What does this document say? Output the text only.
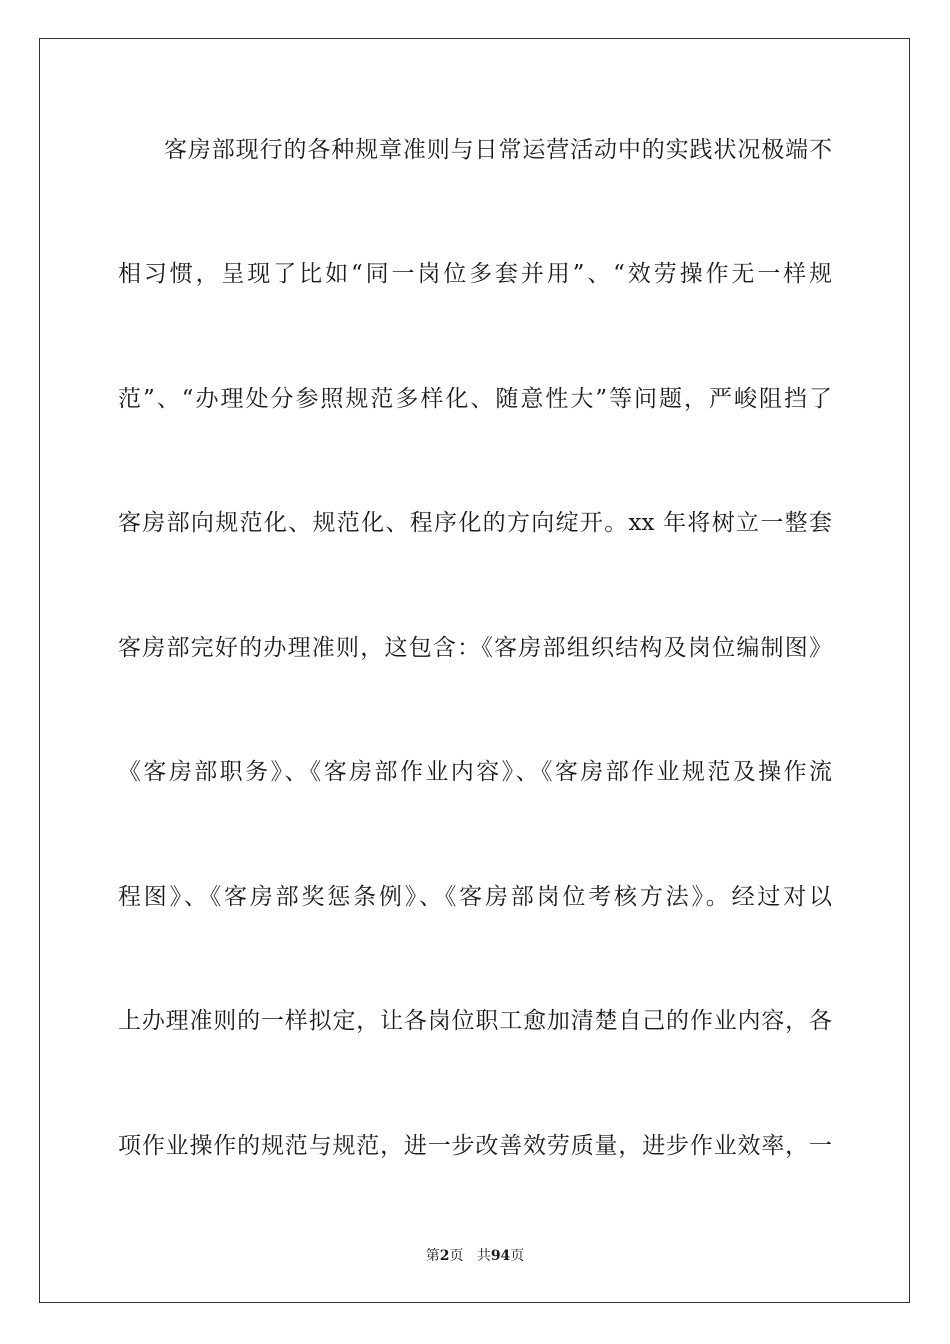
客房部现行的各种规章准则与日常运营活动中的实践状况极端不
相习惯，呈现了比如“同一岗位多套并用”、“效劳操作无一样规
范”、“办理处分参照规范多样化、随意性大”等问题，严峻阻挡了
客房部向规范化、规范化、程序化的方向绽开。xx 年将树立一整套
客房部完好的办理准则，这包含：《客房部组织结构及岗位编制图》
《客房部职务》、《客房部作业内容》、《客房部作业规范及操作流
程图》、《客房部奖惩条例》、《客房部岗位考核方法》。经过对以
上办理准则的一样拟定，让各岗位职工愈加清楚自己的作业内容，各
项作业操作的规范与规范，进一步改善效劳质量，进步作业效率，一
第2页 共94页
